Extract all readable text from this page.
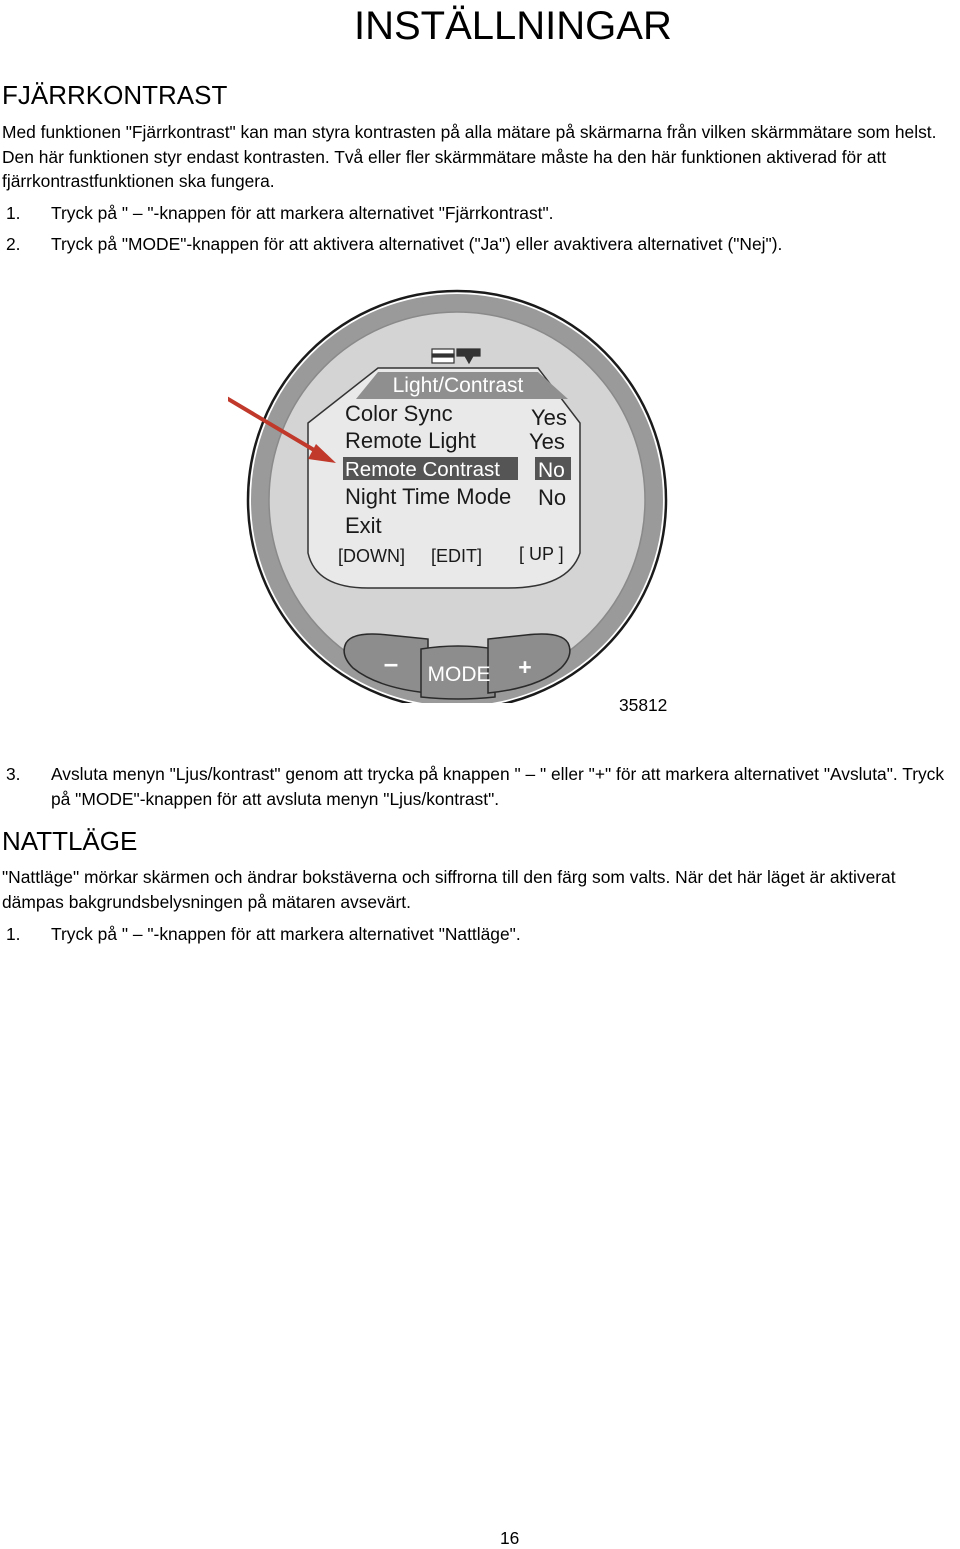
INSTÄLLNINGAR
FJÄRRKONTRAST

Med funktionen "Fjärrkontrast" kan man styra kontrasten på alla mätare på skärmarna från vilken skärmmätare som helst. Den här funktionen styr endast kontrasten. Två eller fler skärmmätare måste ha den här funktionen aktiverad för att fjärrkontrastfunktionen ska fungera.

1. Tryck på " – "-knappen för att markera alternativet "Fjärrkontrast".
2. Tryck på "MODE"-knappen för att aktivera alternativet ("Ja") eller avaktivera alternativet ("Nej").
Light/Contrast
Color Sync
Remote Light
Remote Contrast
Night Time Mode
Exit
Yes
Yes
No
No
[DOWN] [EDIT] [ UP ]
– MODE +
35812
3. Avsluta menyn "Ljus/kontrast" genom att trycka på knappen " – " eller "+" för att markera alternativet "Avsluta". Tryck på "MODE"-knappen för att avsluta menyn "Ljus/kontrast".
NATTLÄGE

"Nattläge" mörkar skärmen och ändrar bokstäverna och siffrorna till den färg som valts. När det här läget är aktiverat dämpas bakgrundsbelysningen på mätaren avsevärt.

1. Tryck på " – "-knappen för att markera alternativet "Nattläge".
16
